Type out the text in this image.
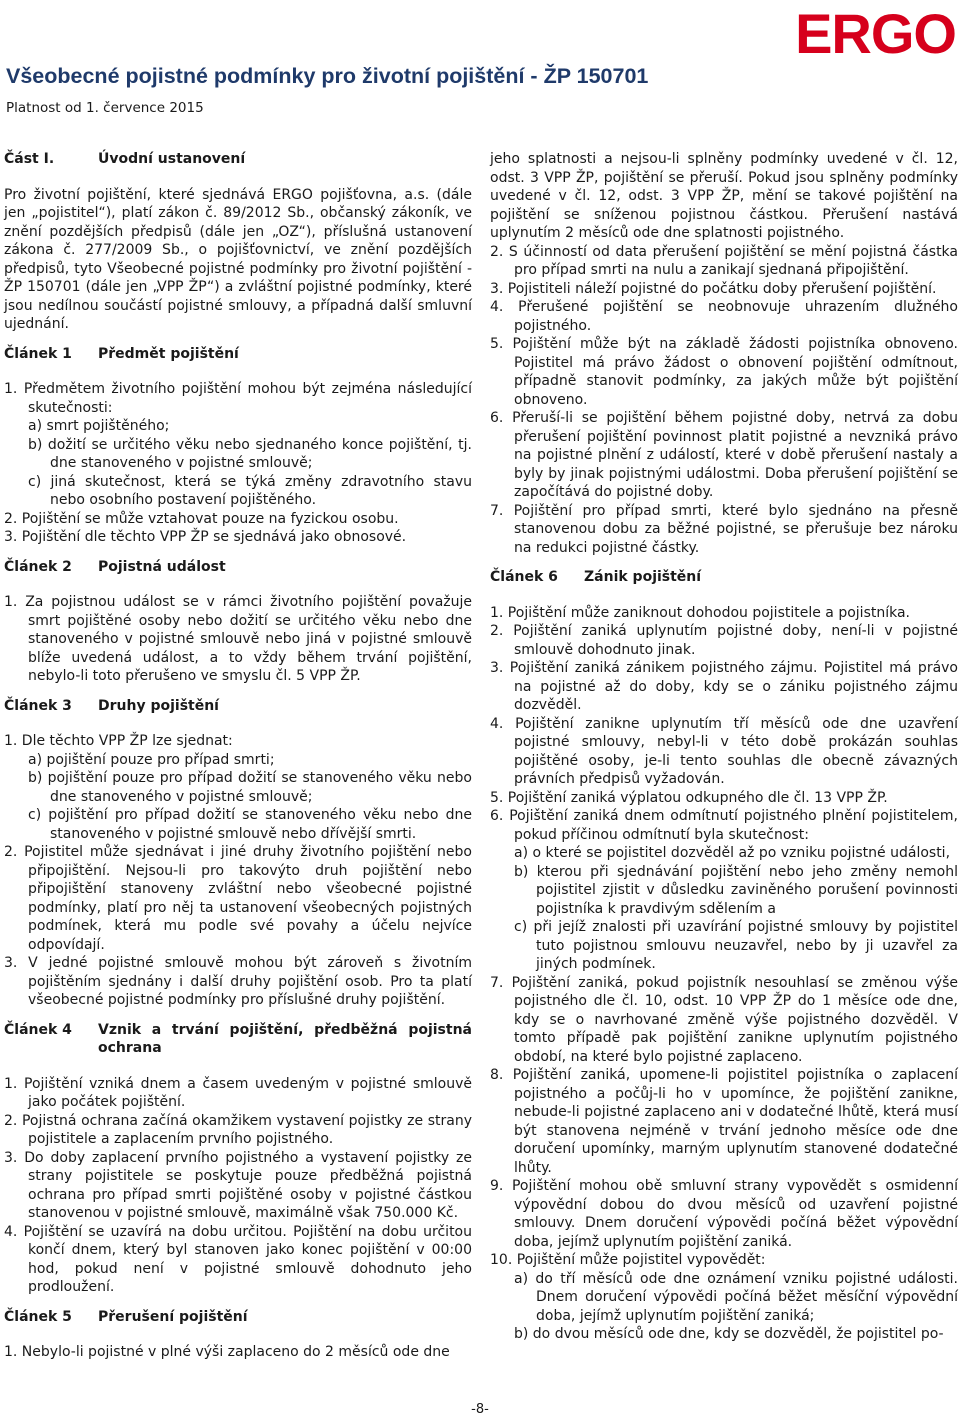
ERGO
Všeobecné pojistné podmínky pro životní pojištění - ŽP 150701
Platnost od 1. července 2015
Část I.	Úvodní ustanovení
Pro životní pojištění, které sjednává ERGO pojišťovna, a.s. (dále jen „pojistitel“), platí zákon č. 89/2012 Sb., občanský zákoník, ve znění pozdějších předpisů (dále jen „OZ“), příslušná ustanovení zákona č. 277/2009 Sb., o pojišťovnictví, ve znění pozdějších předpisů, tyto Všeobecné pojistné podmínky pro životní pojištění - ŽP 150701 (dále jen „VPP ŽP“) a zvláštní pojistné podmínky, které jsou nedílnou součástí pojistné smlouvy, a případná další smluvní ujednání.
Článek 1	Předmět pojištění
1. Předmětem životního pojištění mohou být zejména následující skutečnosti:
a) smrt pojištěného;
b) dožití se určitého věku nebo sjednaného konce pojištění, tj. dne stanoveného v pojistné smlouvě;
c) jiná skutečnost, která se týká změny zdravotního stavu nebo osobního postavení pojištěného.
2. Pojištění se může vztahovat pouze na fyzickou osobu.
3. Pojištění dle těchto VPP ŽP se sjednává jako obnosové.
Článek 2	Pojistná událost
1. Za pojistnou událost se v rámci životního pojištění považuje smrt pojištěné osoby nebo dožití se určitého věku nebo dne stanoveného v pojistné smlouvě nebo jiná v pojistné smlouvě blíže uvedená událost, a to vždy během trvání pojištění, nebylo-li toto přerušeno ve smyslu čl. 5 VPP ŽP.
Článek 3	Druhy pojištění
1. Dle těchto VPP ŽP lze sjednat:
a) pojištění pouze pro případ smrti;
b) pojištění pouze pro případ dožití se stanoveného věku nebo dne stanoveného v pojistné smlouvě;
c) pojištění pro případ dožití se stanoveného věku nebo dne stanoveného v pojistné smlouvě nebo dřívější smrti.
2. Pojistitel může sjednávat i jiné druhy životního pojištění nebo připojištění. Nejsou-li pro takovýto druh pojištění nebo připojištění stanoveny zvláštní nebo všeobecné pojistné podmínky, platí pro něj ta ustanovení všeobecných pojistných podmínek, která mu podle své povahy a účelu nejvíce odpovídají.
3. V jedné pojistné smlouvě mohou být zároveň s životním pojištěním sjednány i další druhy pojištění osob. Pro ta platí všeobecné pojistné podmínky pro příslušné druhy pojištění.
Článek 4	Vznik a trvání pojištění, předběžná pojistná ochrana
1. Pojištění vzniká dnem a časem uvedeným v pojistné smlouvě jako počátek pojištění.
2. Pojistná ochrana začíná okamžikem vystavení pojistky ze strany pojistitele a zaplacením prvního pojistného.
3. Do doby zaplacení prvního pojistného a vystavení pojistky ze strany pojistitele se poskytuje pouze předběžná pojistná ochrana pro případ smrti pojištěné osoby v pojistné částkou stanovenou v pojistné smlouvě, maximálně však 750.000 Kč.
4. Pojištění se uzavírá na dobu určitou. Pojištění na dobu určitou končí dnem, který byl stanoven jako konec pojištění v 00:00 hod, pokud není v pojistné smlouvě dohodnuto jeho prodloužení.
Článek 5	Přerušení pojištění
1. Nebylo-li pojistné v plné výši zaplaceno do 2 měsíců ode dne
jeho splatnosti a nejsou-li splněny podmínky uvedené v čl. 12, odst. 3 VPP ŽP, pojištění se přeruší. Pokud jsou splněny podmínky uvedené v čl. 12, odst. 3 VPP ŽP, mění se takové pojištění na pojištění se sníženou pojistnou částkou. Přerušení nastává uplynutím 2 měsíců ode dne splatnosti pojistného.
2. S účinností od data přerušení pojištění se mění pojistná částka pro případ smrti na nulu a zanikají sjednaná připojištění.
3. Pojistiteli náleží pojistné do počátku doby přerušení pojištění.
4. Přerušené pojištění se neobnovuje uhrazením dlužného pojistného.
5. Pojištění může být na základě žádosti pojistníka obnoveno. Pojistitel má právo žádost o obnovení pojištění odmítnout, případně stanovit podmínky, za jakých může být pojištění obnoveno.
6. Přeruší-li se pojištění během pojistné doby, netrvá za dobu přerušení pojištění povinnost platit pojistné a nevzniká právo na pojistné plnění z událostí, které v době přerušení nastaly a byly by jinak pojistnými událostmi. Doba přerušení pojištění se započítává do pojistné doby.
7. Pojištění pro případ smrti, které bylo sjednáno na přesně stanovenou dobu za běžné pojistné, se přerušuje bez nároku na redukci pojistné částky.
Článek 6	Zánik pojištění
1. Pojištění může zaniknout dohodou pojistitele a pojistníka.
2. Pojištění zaniká uplynutím pojistné doby, není-li v pojistné smlouvě dohodnuto jinak.
3. Pojištění zaniká zánikem pojistného zájmu. Pojistitel má právo na pojistné až do doby, kdy se o zániku pojistného zájmu dozvěděl.
4. Pojištění zanikne uplynutím tří měsíců ode dne uzavření pojistné smlouvy, nebyl-li v této době prokázán souhlas pojištěné osoby, je-li tento souhlas dle obecně závazných právních předpisů vyžadován.
5. Pojištění zaniká výplatou odkupného dle čl. 13 VPP ŽP.
6. Pojištění zaniká dnem odmítnutí pojistného plnění pojistitelem, pokud příčinou odmítnutí byla skutečnost:
a) o které se pojistitel dozvěděl až po vzniku pojistné události,
b) kterou při sjednávání pojištění nebo jeho změny nemohl pojistitel zjistit v důsledku zaviněného porušení povinnosti pojistníka k pravdivým sdělením a
c) při jejíž znalosti při uzavírání pojistné smlouvy by pojistitel tuto pojistnou smlouvu neuzavřel, nebo by ji uzavřel za jiných podmínek.
7. Pojištění zaniká, pokud pojistník nesouhlasí se změnou výše pojistného dle čl. 10, odst. 10 VPP ŽP do 1 měsíce ode dne, kdy se o navrhované změně výše pojistného dozvěděl. V tomto případě pak pojištění zanikne uplynutím pojistného období, na které bylo pojistné zaplaceno.
8. Pojištění zaniká, upomene-li pojistitel pojistníka o zaplacení pojistného a počůj-li ho v upomínce, že pojištění zanikne, nebude-li pojistné zaplaceno ani v dodatečné lhůtě, která musí být stanovena nejméně v trvání jednoho měsíce ode dne doručení upomínky, marným uplynutím stanovené dodatečné lhůty.
9. Pojištění mohou obě smluvní strany vypovědět s osmidenní výpovědní dobou do dvou měsíců od uzavření pojistné smlouvy. Dnem doručení výpovědi počíná běžet výpovědní doba, jejímž uplynutím pojištění zaniká.
10. Pojištění může pojistitel vypovědět:
a) do tří měsíců ode dne oznámení vzniku pojistné události. Dnem doručení výpovědi počíná běžet měsíční výpovědní doba, jejímž uplynutím pojištění zaniká;
b) do dvou měsíců ode dne, kdy se dozvěděl, že pojistitel po-
-8-
